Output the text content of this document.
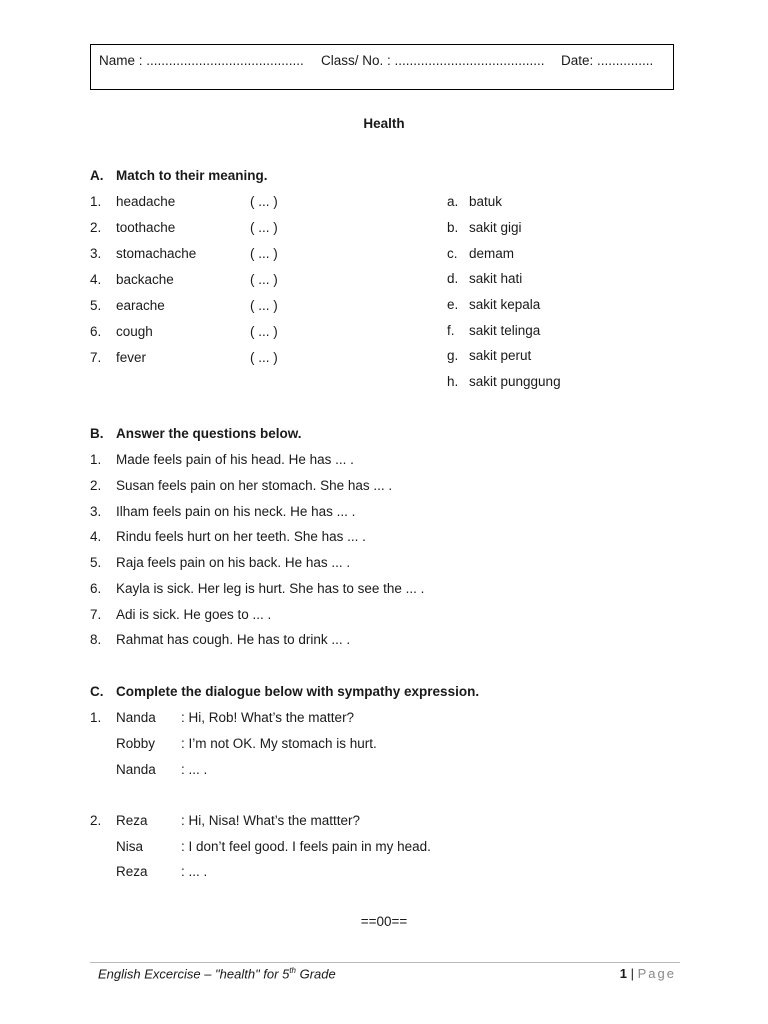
Name : .......................................... Class/ No. : ........................................ Date: ...............
Health
A. Match to their meaning.
1. headache	( ... )
2. toothache	( ... )
3. stomachache	( ... )
4. backache	( ... )
5. earache	( ... )
6. cough	( ... )
7. fever	( ... )
a. batuk
b. sakit gigi
c. demam
d. sakit hati
e. sakit kepala
f. sakit telinga
g. sakit perut
h. sakit punggung
B. Answer the questions below.
1. Made feels pain of his head. He has ... .
2. Susan feels pain on her stomach. She has ... .
3. Ilham feels pain on his neck. He has ... .
4. Rindu feels hurt on her teeth. She has ... .
5. Raja feels pain on his back. He has ... .
6. Kayla is sick. Her leg is hurt. She has to see the ... .
7. Adi is sick. He goes to ... .
8. Rahmat has cough. He has to drink ... .
C. Complete the dialogue below with sympathy expression.
1. Nanda : Hi, Rob! What’s the matter?
Robby : I’m not OK. My stomach is hurt.
Nanda : ... .
2. Reza : Hi, Nisa! What’s the mattter?
Nisa	: I don’t feel good. I feels pain in my head.
Reza : ... .
==00==
English Excercise – "health" for 5th Grade	1 | Page
